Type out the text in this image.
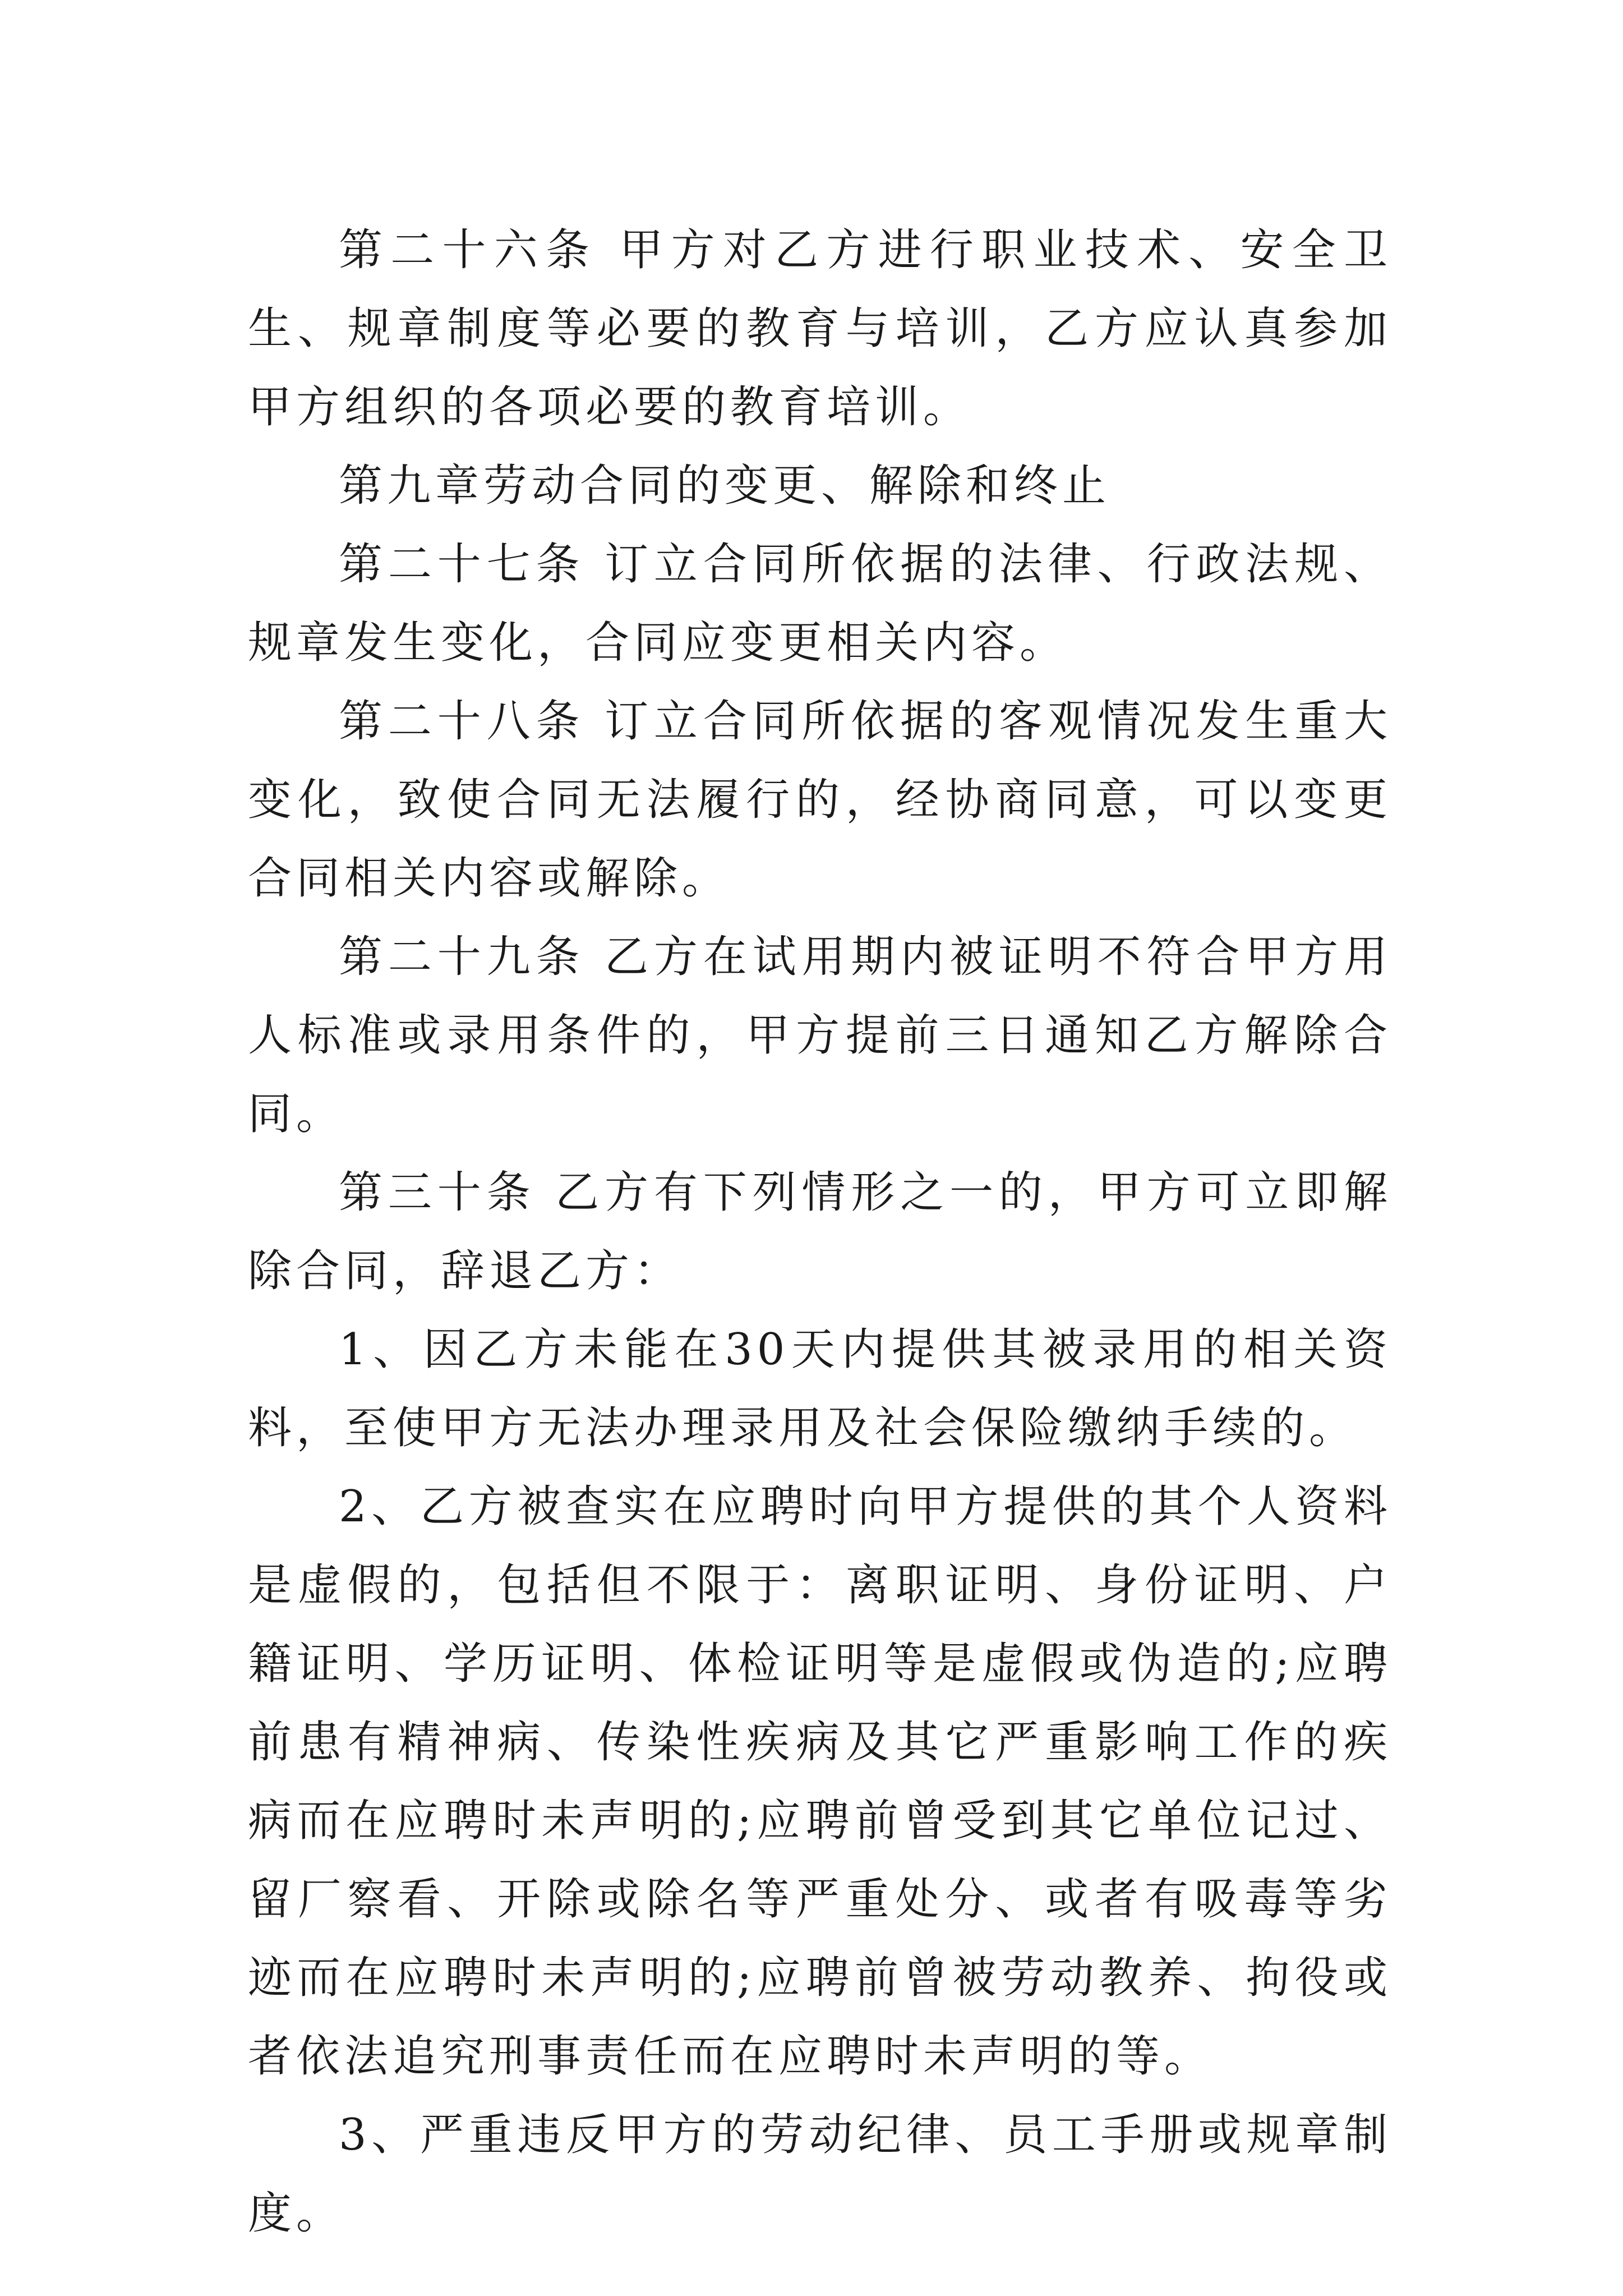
第二十六条 甲方对乙方进行职业技术、安全卫生、规章制度等必要的教育与培训，乙方应认真参加甲方组织的各项必要的教育培训。

第九章劳动合同的变更、解除和终止

第二十七条 订立合同所依据的法律、行政法规、规章发生变化，合同应变更相关内容。

第二十八条 订立合同所依据的客观情况发生重大变化，致使合同无法履行的，经协商同意，可以变更合同相关内容或解除。

第二十九条 乙方在试用期内被证明不符合甲方用人标准或录用条件的，甲方提前三日通知乙方解除合同。

第三十条 乙方有下列情形之一的，甲方可立即解除合同，辞退乙方：

1、因乙方未能在30天内提供其被录用的相关资料，至使甲方无法办理录用及社会保险缴纳手续的。

2、乙方被查实在应聘时向甲方提供的其个人资料是虚假的，包括但不限于：离职证明、身份证明、户籍证明、学历证明、体检证明等是虚假或伪造的;应聘前患有精神病、传染性疾病及其它严重影响工作的疾病而在应聘时未声明的;应聘前曾受到其它单位记过、留厂察看、开除或除名等严重处分、或者有吸毒等劣迹而在应聘时未声明的;应聘前曾被劳动教养、拘役或者依法追究刑事责任而在应聘时未声明的等。

3、严重违反甲方的劳动纪律、员工手册或规章制度。
